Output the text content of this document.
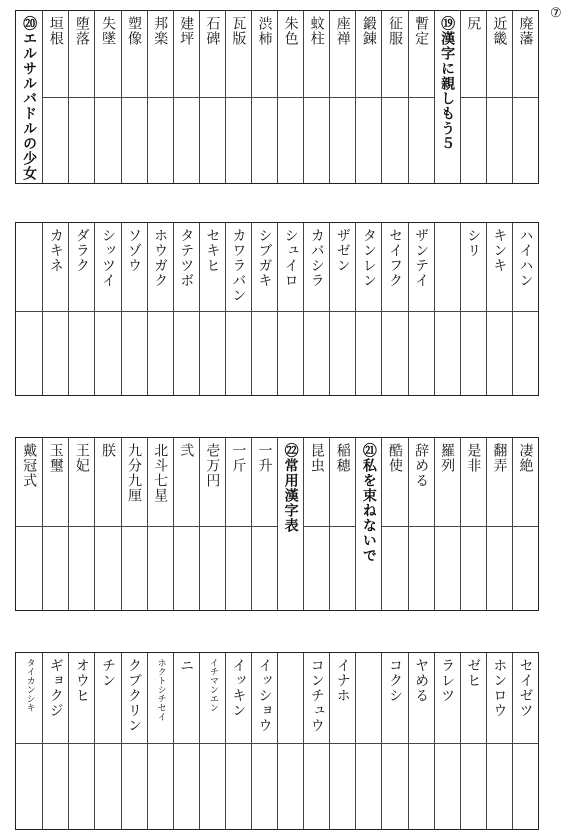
⑦
廃藩
近畿
尻
⑲漢字に親しもう５
暫定
征服
鍛錬
座禅
蚊柱
朱色
渋柿
瓦版
石碑
建坪
邦楽
塑像
失墜
堕落
垣根
⑳エルサルバドルの少女
ハイハン
キンキ
シリ
ザンテイ
セイフク
タンレン
ザゼン
カバシラ
シュイロ
シブガキ
カワラバン
セキヒ
タテツボ
ホウガク
ソゾウ
シッツイ
ダラク
カキネ
凄絶
翻弄
是非
羅列
辞める
酷使
㉑私を束ねないで
稲穂
昆虫
㉒常用漢字表
一升
一斤
壱万円
弐
北斗七星
九分九厘
朕
王妃
玉璽
戴冠式
セイゼツ
ホンロウ
ゼヒ
ラレツ
ヤめる
コクシ
イナホ
コンチュウ
イッショウ
イッキン
イチマンエン
ニ
ホクトシチセイ
クブクリン
チン
オウヒ
ギョクジ
タイカンシキ
